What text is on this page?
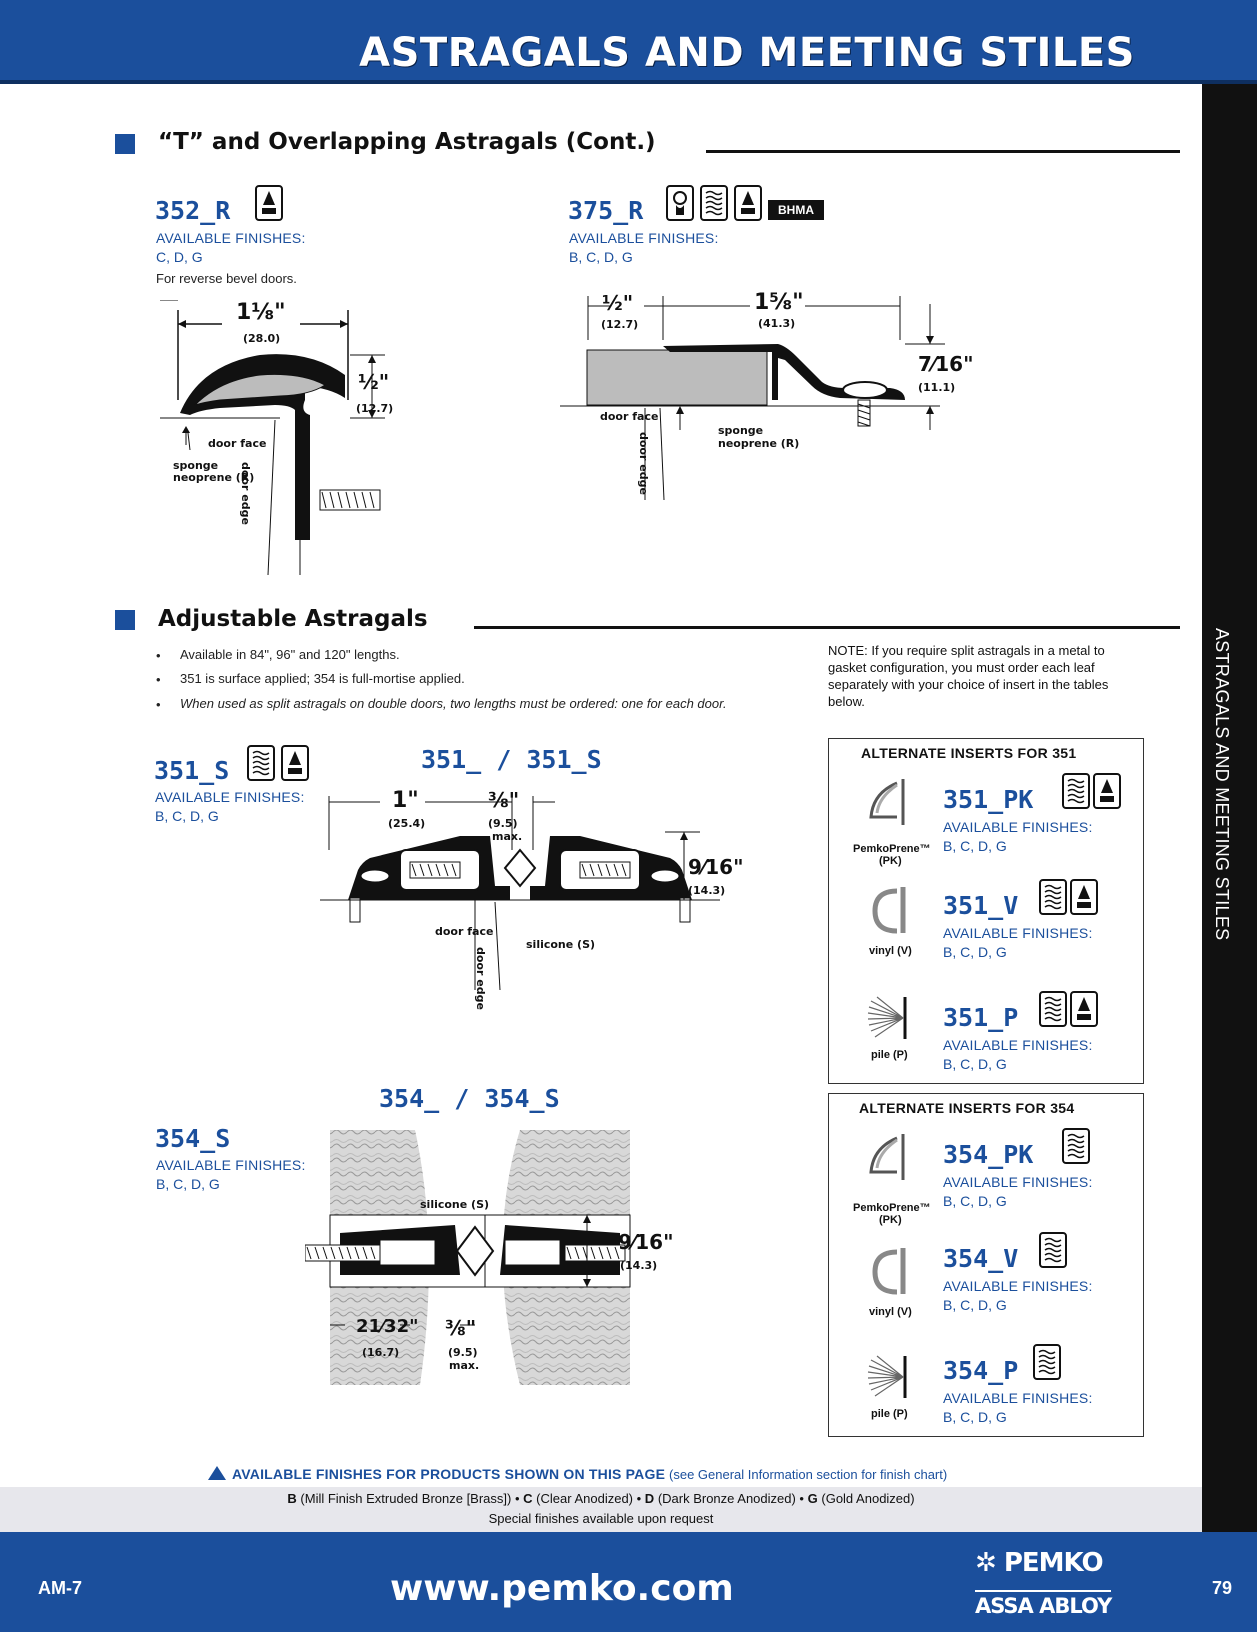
ASTRAGALS AND MEETING STILES
ASTRAGALS AND MEETING STILES
“T” and Overlapping Astragals (Cont.)
352_R
AVAILABLE FINISHES:
C, D, G
For reverse bevel doors.
1⅛"
(28.0)
½"
(12.7)
door face
sponge
neoprene (R)
door edge
375_R	BHMA
AVAILABLE FINISHES:
B, C, D, G
½"
(12.7)
1⅝"
(41.3)
7⁄16"
(11.1)
door face
sponge
neoprene (R)
door edge
Adjustable Astragals
• Available in 84", 96" and 120" lengths.
• 351 is surface applied; 354 is full-mortise applied.
• When used as split astragals on double doors, two lengths must be ordered: one for each door.
NOTE: If you require split astragals in a metal to
gasket configuration, you must order each leaf
separately with your choice of insert in the tables
below.
351_S
AVAILABLE FINISHES:
B, C, D, G
351_ / 351_S
1"
(25.4)
⅜"
(9.5)
max.
9⁄16"
(14.3)
door face
silicone (S)
door edge
354_ / 354_S
354_S
AVAILABLE FINISHES:
B, C, D, G
silicone (S)
9⁄16"
(14.3)
21⁄32"
(16.7)
⅜"
(9.5)
max.
ALTERNATE INSERTS FOR 351
PemkoPrene™
(PK)
351_PK
AVAILABLE FINISHES:
B, C, D, G
vinyl (V)
351_V
AVAILABLE FINISHES:
B, C, D, G
pile (P)
351_P
AVAILABLE FINISHES:
B, C, D, G
ALTERNATE INSERTS FOR 354
PemkoPrene™
(PK)
354_PK
AVAILABLE FINISHES:
B, C, D, G
vinyl (V)
354_V
AVAILABLE FINISHES:
B, C, D, G
pile (P)
354_P
AVAILABLE FINISHES:
B, C, D, G
AVAILABLE FINISHES FOR PRODUCTS SHOWN ON THIS PAGE (see General Information section for finish chart)
B (Mill Finish Extruded Bronze [Brass]) • C (Clear Anodized) • D (Dark Bronze Anodized) • G (Gold Anodized)
Special finishes available upon request
AM-7	www.pemko.com
✲ PEMKO
ASSA ABLOY
79
